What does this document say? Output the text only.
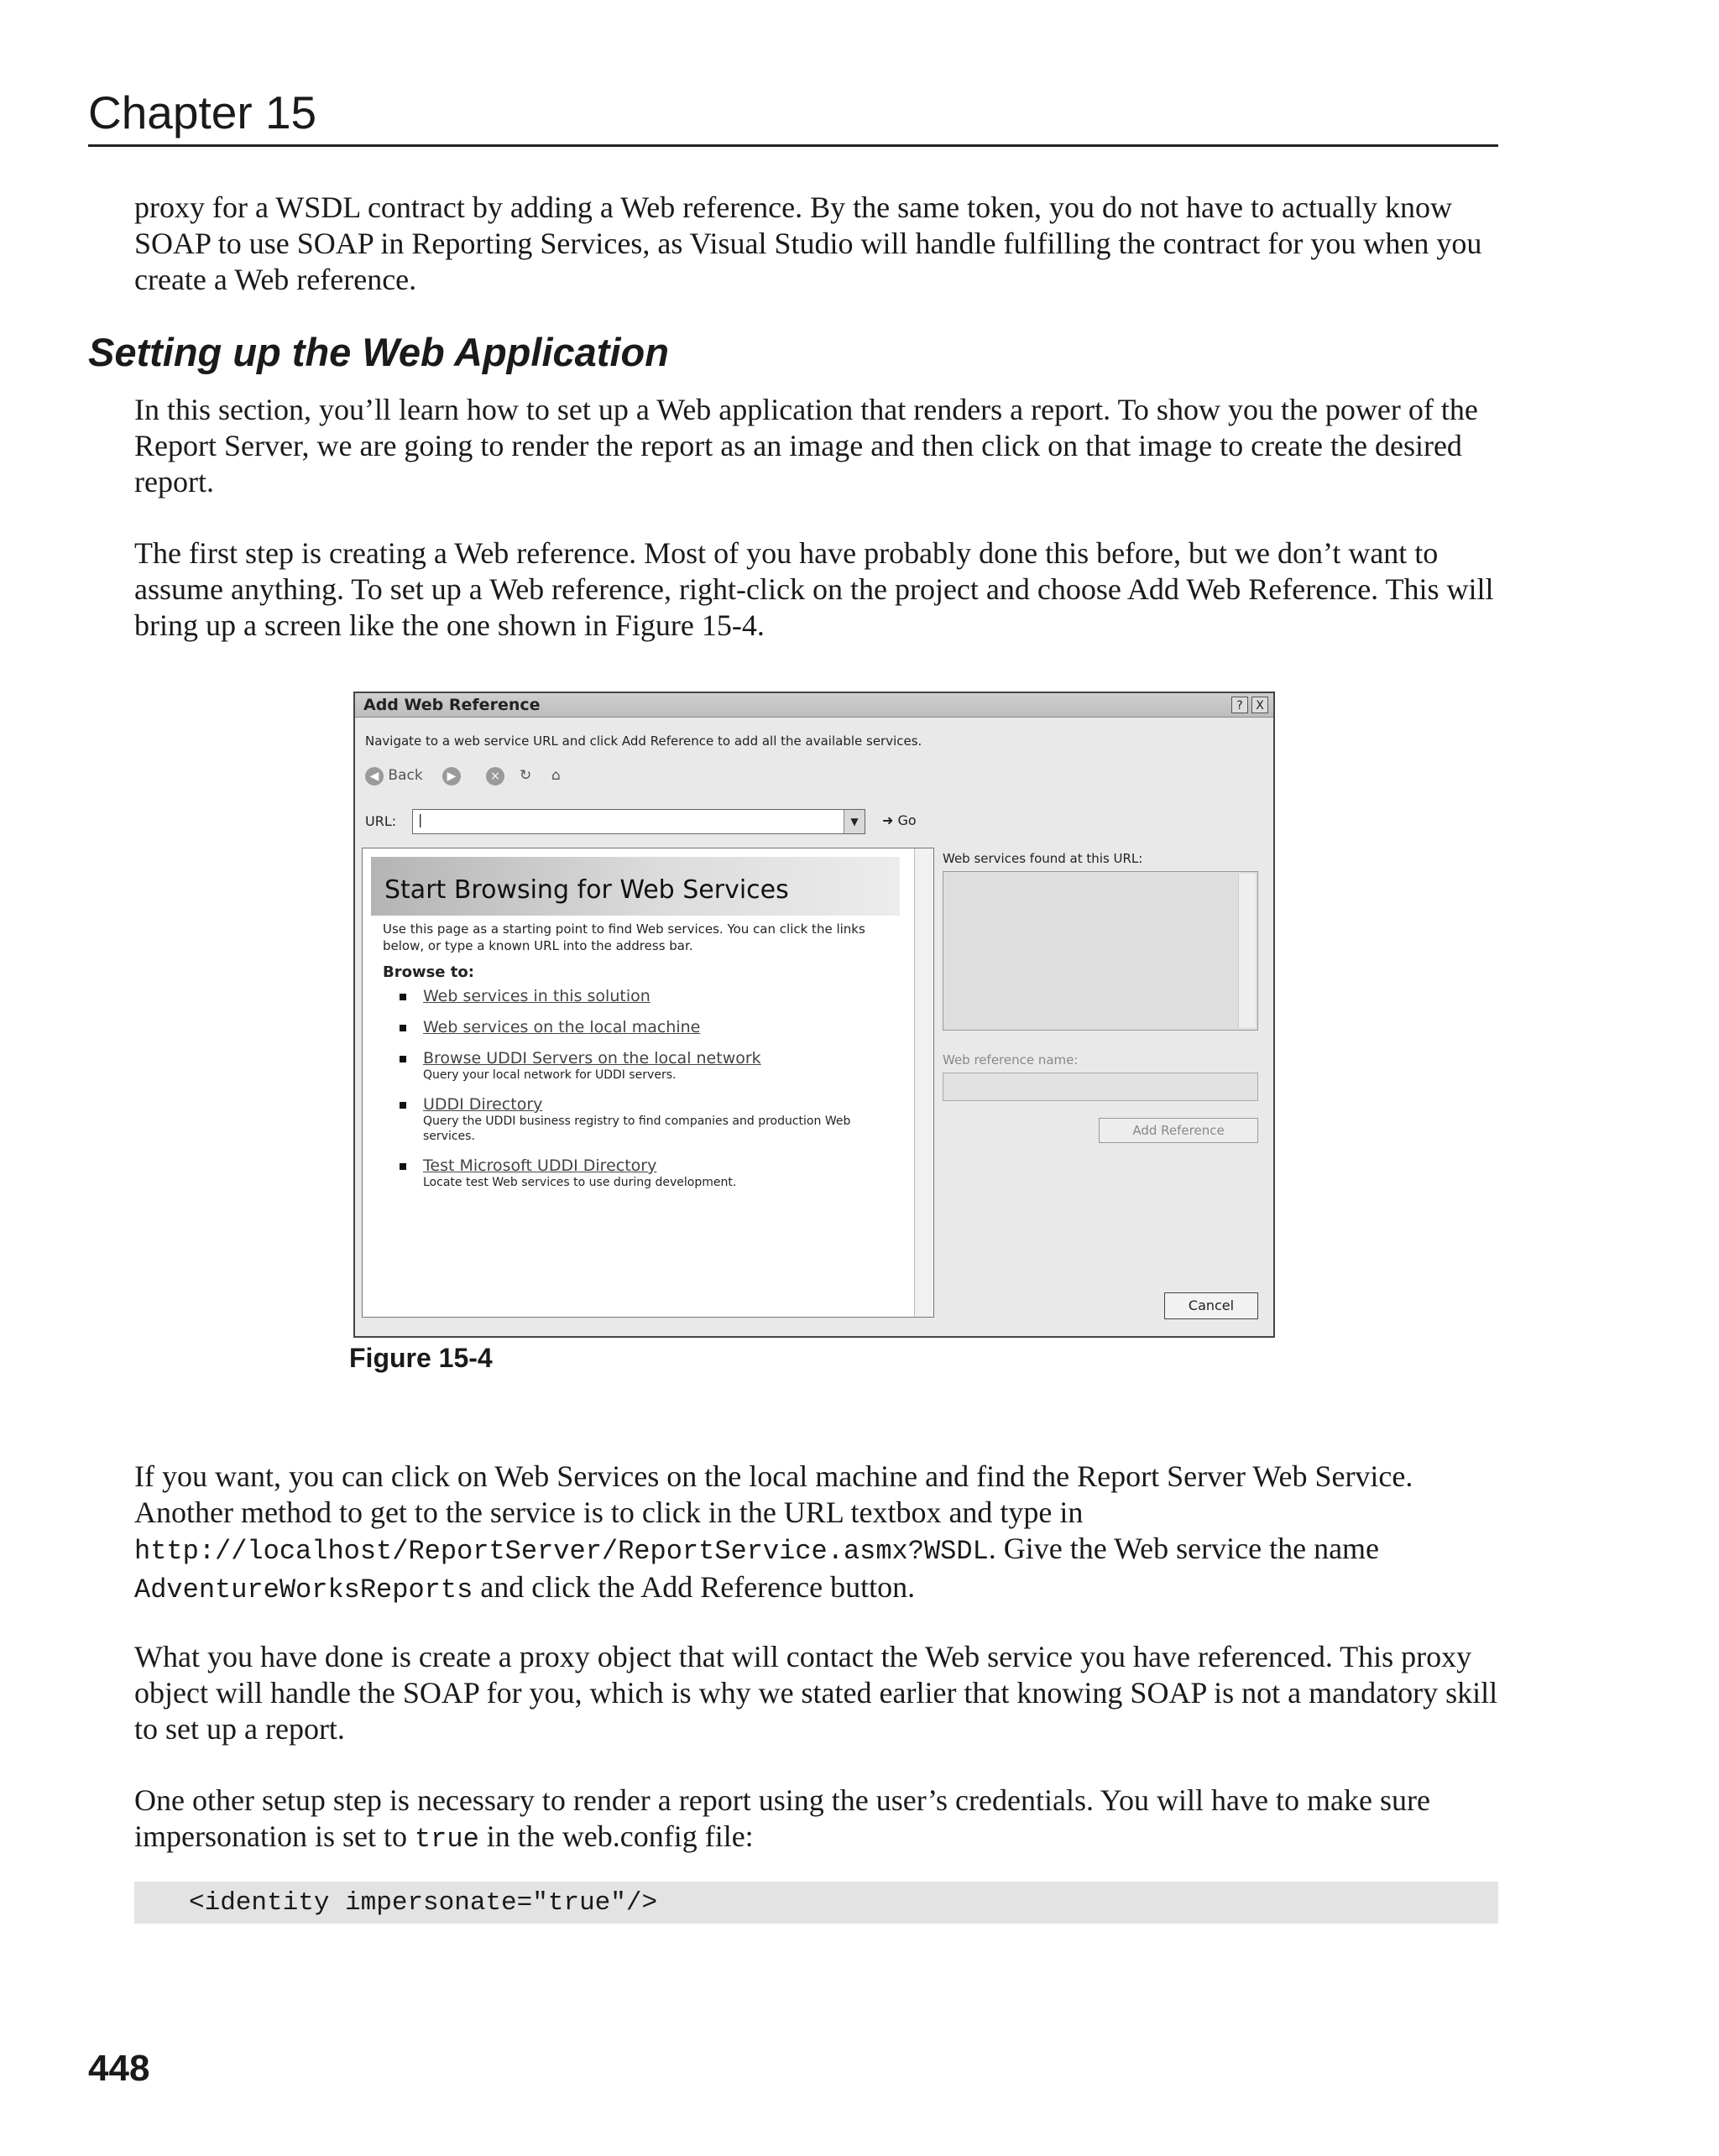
Chapter 15

proxy for a WSDL contract by adding a Web reference. By the same token, you do not have to actually know SOAP to use SOAP in Reporting Services, as Visual Studio will handle fulfilling the contract for you when you create a Web reference.

Setting up the Web Application

In this section, you’ll learn how to set up a Web application that renders a report. To show you the power of the Report Server, we are going to render the report as an image and then click on that image to create the desired report.

The first step is creating a Web reference. Most of you have probably done this before, but we don’t want to assume anything. To set up a Web reference, right-click on the project and choose Add Web Reference. This will bring up a screen like the one shown in Figure 15-4.

Add Web Reference	?	X
Navigate to a web service URL and click Add Reference to add all the available services.
◀ Back	▶	×	↻ ⌂
URL: |	▼	➜ Go
Start Browsing for Web Services
Use this page as a starting point to find Web services. You can click the links below, or type a known URL into the address bar.
Browse to:
Web services in this solution
Web services on the local machine
Browse UDDI Servers on the local network
Query your local network for UDDI servers.
UDDI Directory
Query the UDDI business registry to find companies and production Web services.
Test Microsoft UDDI Directory
Locate test Web services to use during development.
Web services found at this URL:
Web reference name:
Add Reference
Cancel
Figure 15-4

If you want, you can click on Web Services on the local machine and find the Report Server Web Service. Another method to get to the service is to click in the URL textbox and type in http://localhost/ReportServer/ReportService.asmx?WSDL. Give the Web service the name AdventureWorksReports and click the Add Reference button.

What you have done is create a proxy object that will contact the Web service you have referenced. This proxy object will handle the SOAP for you, which is why we stated earlier that knowing SOAP is not a mandatory skill to set up a report.

One other setup step is necessary to render a report using the user’s credentials. You will have to make sure impersonation is set to true in the web.config file:

<identity impersonate="true"/>
448
